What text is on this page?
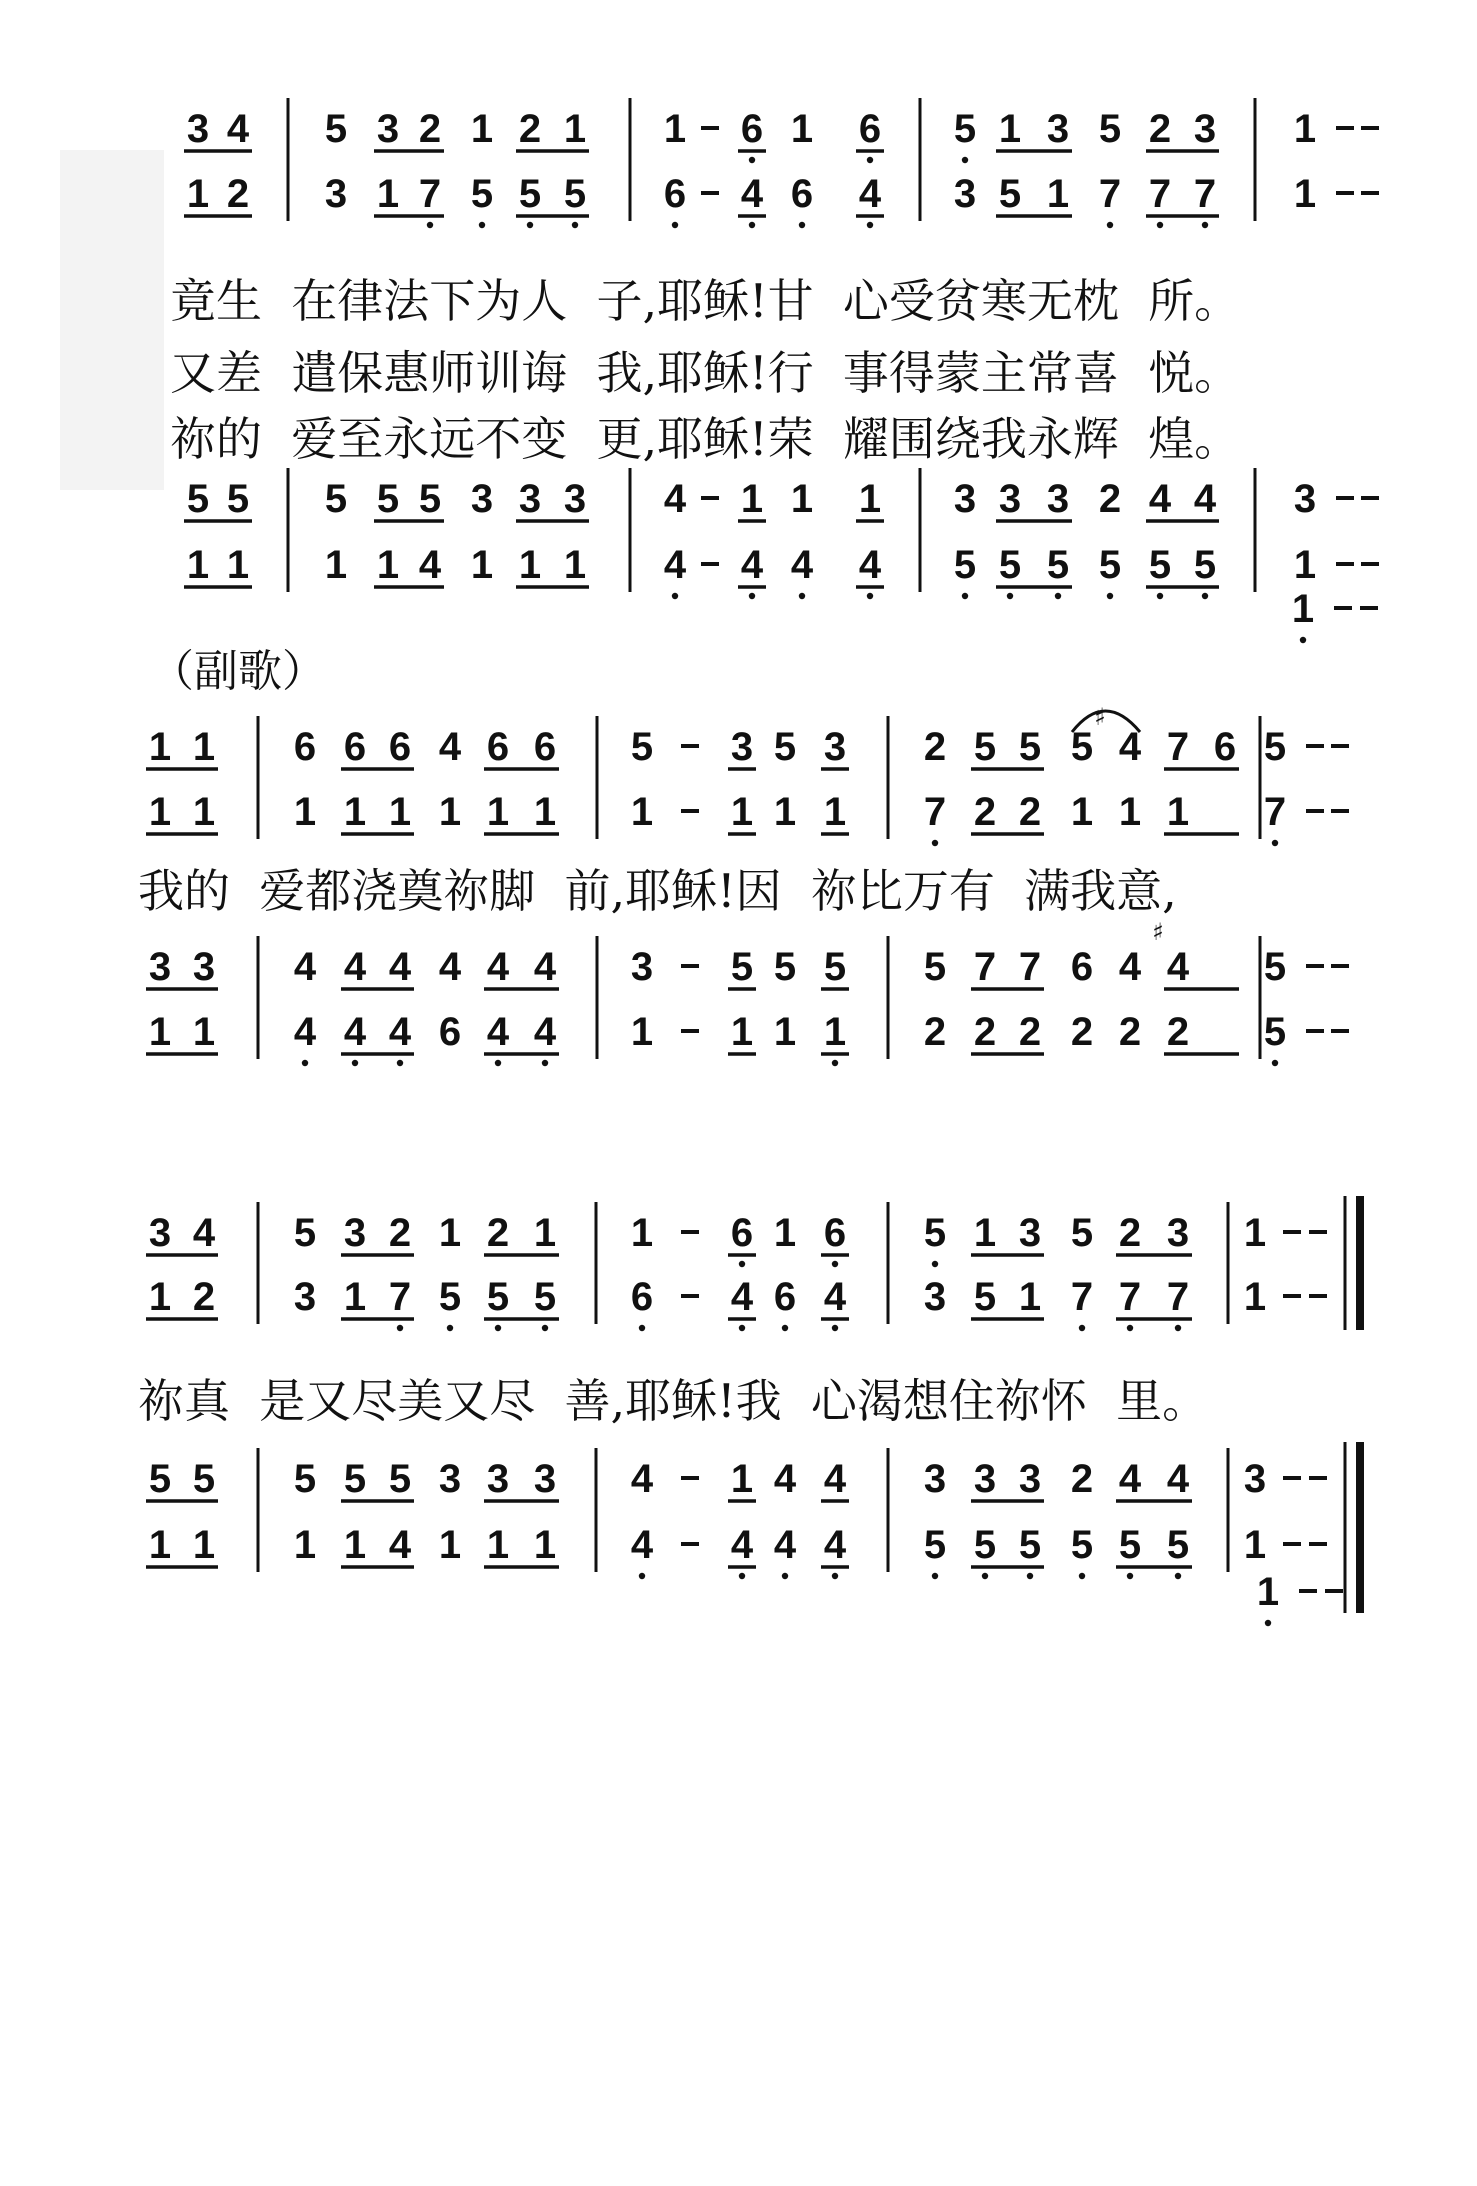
3 4 5 3 2 1 2 1 1 6 1 6 5 1 3 5 2 3 1
1 2 3 1 7 5 5 5 6 4 6 4 3 5 1 7 7 7 1
5 5 5 5 5 3 3 3 4 1 1 1 3 3 3 2 4 4 3
1 1 1 1 4 1 1 1 4 4 4 4 5 5 5 5 5 5 1
1 1 6 6 6 4 6 6 5 3 5 3 2 5 5 5 4 7 6 5
1 1 1 1 1 1 1 1 1 1 1 1 7 2 2 1 1 1 7
3 3 4 4 4 4 4 4 3 5 5 5 5 7 7 6 4 4 5
1 1 4 4 4 6 4 4 1 1 1 1 2 2 2 2 2 2 5
3 4 5 3 2 1 2 1 1 6 1 6 5 1 3 5 2 3 1
1 2 3 1 7 5 5 5 6 4 6 4 3 5 1 7 7 7 1
5 5 5 5 5 3 3 3 4 1 4 4 3 3 3 2 4 4 3
1 1 1 1 4 1 1 1 4 4 4 4 5 5 5 5 5 5 1
1
1
♯
♯
竟生  在律法下为人  子,耶稣!甘  心受贫寒无枕  所。
又差  遣保惠师训诲  我,耶稣!行  事得蒙主常喜  悦。
祢的  爱至永远不变  更,耶稣!荣  耀围绕我永辉  煌。
（副歌）
我的  爱都浇奠祢脚  前,耶稣!因  祢比万有  满我意,
祢真  是又尽美又尽  善,耶稣!我  心渴想住祢怀  里。
